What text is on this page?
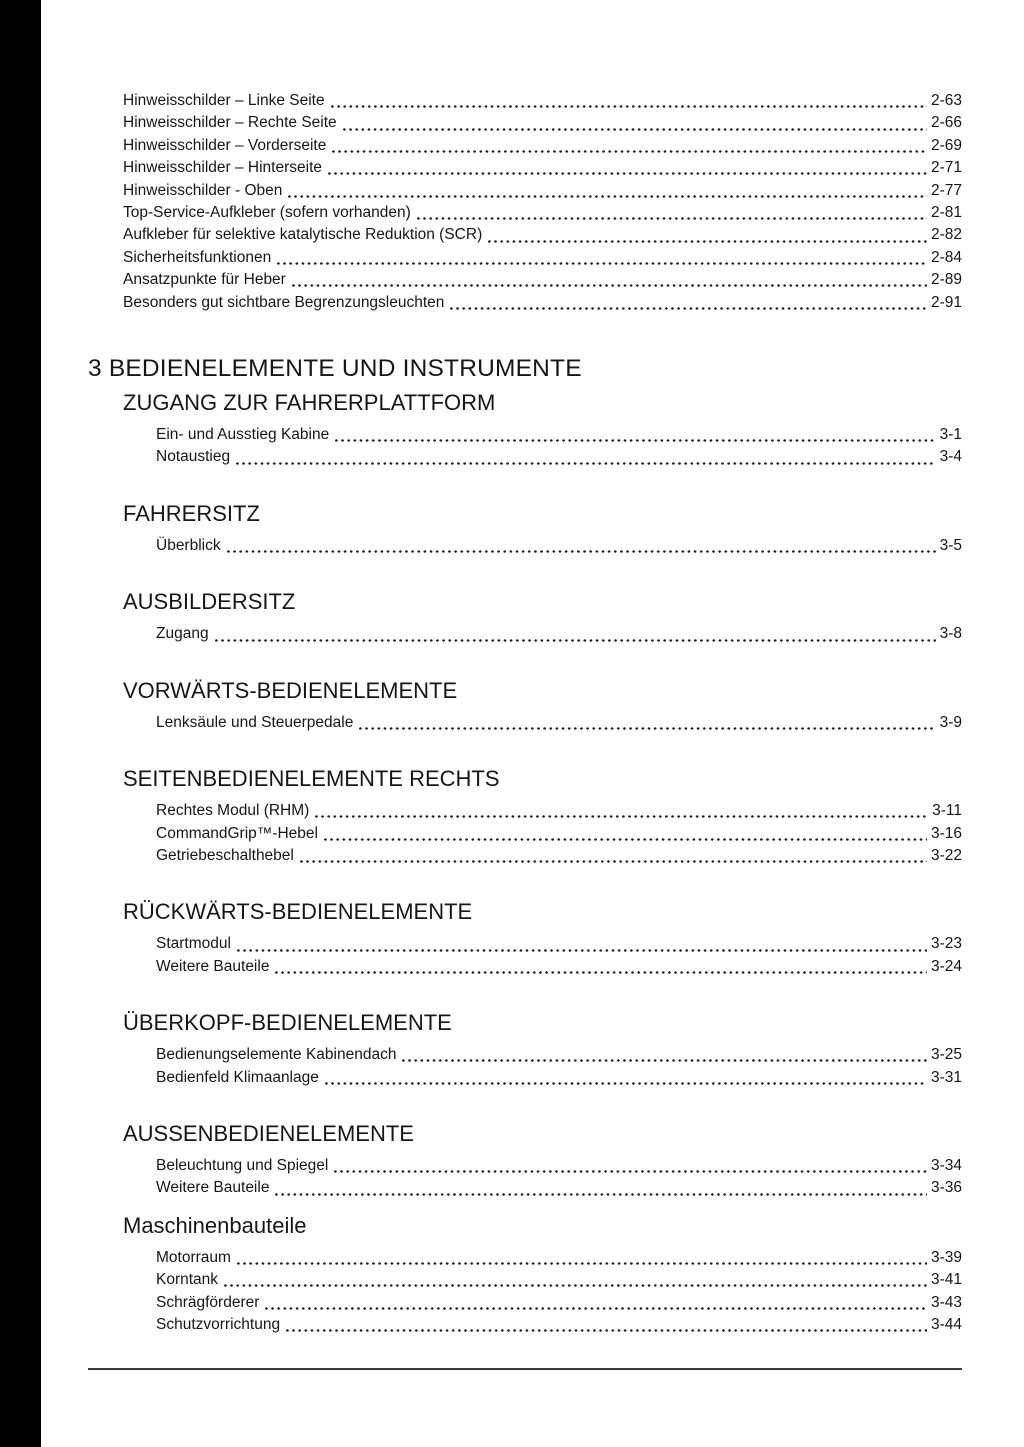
Hinweisschilder – Linke Seite	2-63
Hinweisschilder – Rechte Seite	2-66
Hinweisschilder – Vorderseite	2-69
Hinweisschilder – Hinterseite	2-71
Hinweisschilder - Oben	2-77
Top-Service-Aufkleber (sofern vorhanden)	2-81
Aufkleber für selektive katalytische Reduktion (SCR)	2-82
Sicherheitsfunktionen	2-84
Ansatzpunkte für Heber	2-89
Besonders gut sichtbare Begrenzungsleuchten	2-91
3 BEDIENELEMENTE UND INSTRUMENTE
ZUGANG ZUR FAHRERPLATTFORM
Ein- und Ausstieg Kabine	3-1
Notaustieg	3-4
FAHRERSITZ
Überblick	3-5
AUSBILDERSITZ
Zugang	3-8
VORWÄRTS-BEDIENELEMENTE
Lenksäule und Steuerpedale	3-9
SEITENBEDIENELEMENTE RECHTS
Rechtes Modul (RHM)	3-11
CommandGrip™-Hebel	3-16
Getriebeschalthebel	3-22
RÜCKWÄRTS-BEDIENELEMENTE
Startmodul	3-23
Weitere Bauteile	3-24
ÜBERKOPF-BEDIENELEMENTE
Bedienungselemente Kabinendach	3-25
Bedienfeld Klimaanlage	3-31
AUSSENBEDIENELEMENTE
Beleuchtung und Spiegel	3-34
Weitere Bauteile	3-36
Maschinenbauteile
Motorraum	3-39
Korntank	3-41
Schrägförderer	3-43
Schutzvorrichtung	3-44
